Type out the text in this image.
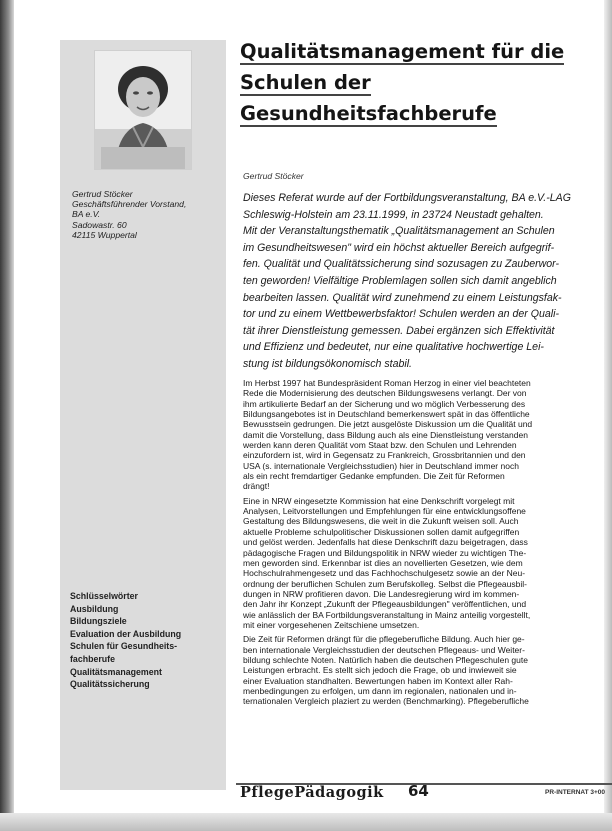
Gertrud Stöcker
Geschäftsführender Vorstand,
BA e.V.
Sadowastr. 60
42115 Wuppertal
Schlüsselwörter
Ausbildung
Bildungsziele
Evaluation der Ausbildung
Schulen für Gesundheits-
fachberufe
Qualitätsmanagement
Qualitätssicherung
Qualitätsmanagement für die
Schulen der
Gesundheitsfachberufe
Gertrud Stöcker
Dieses Referat wurde auf der Fortbildungsveranstaltung, BA e.V.-LAG
Schleswig-Holstein am 23.11.1999, in 23724 Neustadt gehalten.
Mit der Veranstaltungsthematik „Qualitätsmanagement an Schulen
im Gesundheitswesen" wird ein höchst aktueller Bereich aufgegrif-
fen. Qualität und Qualitätssicherung sind sozusagen zu Zauberwor-
ten geworden! Vielfältige Problemlagen sollen sich damit angeblich
bearbeiten lassen. Qualität wird zunehmend zu einem Leistungsfak-
tor und zu einem Wettbewerbsfaktor! Schulen werden an der Quali-
tät ihrer Dienstleistung gemessen. Dabei ergänzen sich Effektivität
und Effizienz und bedeutet, nur eine qualitative hochwertige Lei-
stung ist bildungsökonomisch stabil.
Im Herbst 1997 hat Bundespräsident Roman Herzog in einer viel beachteten
Rede die Modernisierung des deutschen Bildungswesens verlangt. Der von
ihm artikulierte Bedarf an der Sicherung und wo möglich Verbesserung des
Bildungsangebotes ist in Deutschland bemerkenswert spät in das öffentliche
Bewusstsein gedrungen. Die jetzt ausgelöste Diskussion um die Qualität und
damit die Vorstellung, dass Bildung auch als eine Dienstleistung verstanden
werden kann deren Qualität vom Staat bzw. den Schulen und Lehrenden
einzufordern ist, wird in Gegensatz zu Frankreich, Grossbritannien und den
USA (s. internationale Vergleichsstudien) hier in Deutschland immer noch
als ein recht fremdartiger Gedanke empfunden. Die Zeit für Reformen
drängt!
Eine in NRW eingesetzte Kommission hat eine Denkschrift vorgelegt mit
Analysen, Leitvorstellungen und Empfehlungen für eine entwicklungsoffene
Gestaltung des Bildungswesens, die weit in die Zukunft weisen soll. Auch
aktuelle Probleme schulpolitischer Diskussionen sollen damit aufgegriffen
und gelöst werden. Jedenfalls hat diese Denkschrift dazu beigetragen, dass
pädagogische Fragen und Bildungspolitik in NRW wieder zu wichtigen The-
men geworden sind. Erkennbar ist dies an novellierten Gesetzen, wie dem
Hochschulrahmengesetz und das Fachhochschulgesetz sowie an der Neu-
ordnung der beruflichen Schulen zum Berufskolleg. Selbst die Pflegeausbil-
dungen in NRW profitieren davon. Die Landesregierung wird im kommen-
den Jahr ihr Konzept „Zukunft der Pflegeausbildungen" veröffentlichen, und
wie anlässlich der BA Fortbildungsveranstaltung in Mainz anteilig vorgestellt,
mit einer vorgesehenen Zeitschiene umsetzen.
Die Zeit für Reformen drängt für die pflegeberufliche Bildung. Auch hier ge-
ben internationale Vergleichsstudien der deutschen Pflegeaus- und Weiter-
bildung schlechte Noten. Natürlich haben die deutschen Pflegeschulen gute
Leistungen erbracht. Es stellt sich jedoch die Frage, ob und inwieweit sie
einer Evaluation standhalten. Bewertungen haben im Kontext aller Rah-
menbedingungen zu erfolgen, um dann im regionalen, nationalen und in-
ternationalen Vergleich plaziert zu werden (Benchmarking). Pflegeberufliche
PflegePädagogik 64	PR-INTERNAT 3+00
